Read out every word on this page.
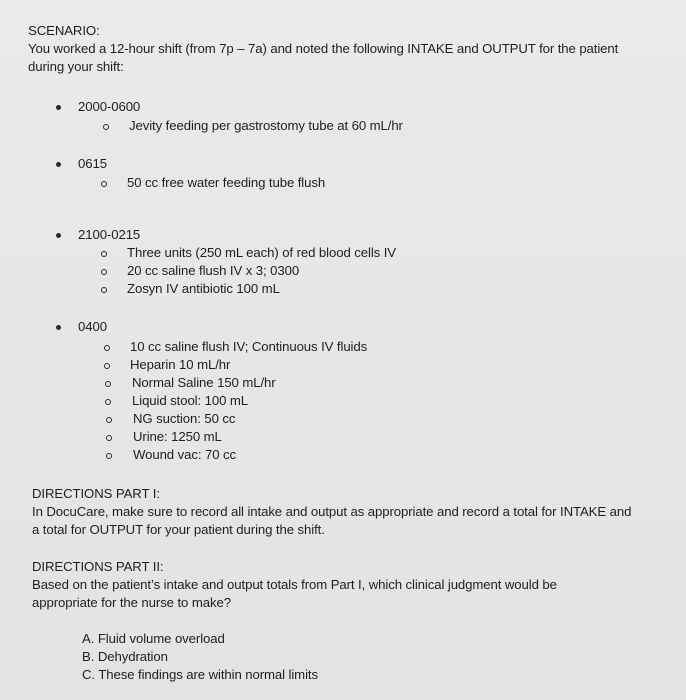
SCENARIO:
You worked a 12-hour shift (from 7p – 7a) and noted the following INTAKE and OUTPUT for the patient
during your shift:
2000-0600
Jevity feeding per gastrostomy tube at 60 mL/hr
0615
50 cc free water feeding tube flush
2100-0215
Three units (250 mL each) of red blood cells IV
20 cc saline flush IV x 3; 0300
Zosyn IV antibiotic 100 mL
0400
10 cc saline flush IV; Continuous IV fluids
Heparin 10 mL/hr
Normal Saline 150 mL/hr
Liquid stool: 100 mL
NG suction: 50 cc
Urine: 1250 mL
Wound vac: 70 cc
DIRECTIONS PART I:
In DocuCare, make sure to record all intake and output as appropriate and record a total for INTAKE and
a total for OUTPUT for your patient during the shift.
DIRECTIONS PART II:
Based on the patient’s intake and output totals from Part I, which clinical judgment would be
appropriate for the nurse to make?
A. Fluid volume overload
B. Dehydration
C. These findings are within normal limits
